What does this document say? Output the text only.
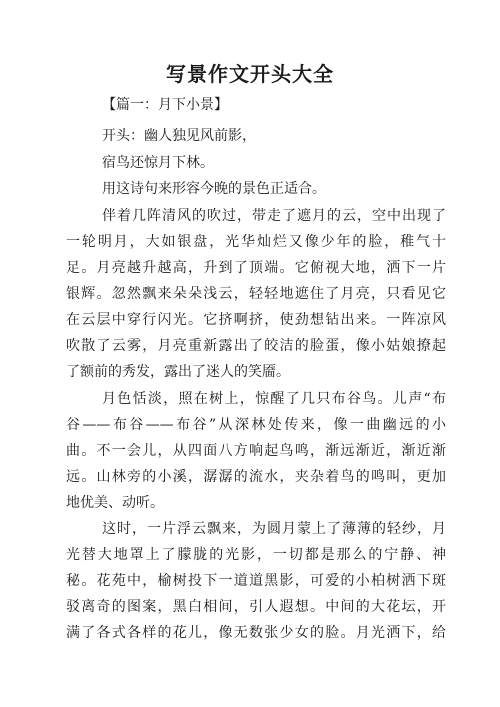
写景作文开头大全
【篇一：月下小景】
开头：幽人独见风前影，
宿鸟还惊月下林。
用这诗句来形容今晚的景色正适合。
伴着几阵清风的吹过，带走了遮月的云，空中出现了
一轮明月，大如银盘，光华灿烂又像少年的脸，稚气十
足。月亮越升越高，升到了顶端。它俯视大地，洒下一片
银辉。忽然飘来朵朵浅云，轻轻地遮住了月亮，只看见它
在云层中穿行闪光。它挤啊挤，使劲想钻出来。一阵凉风
吹散了云雾，月亮重新露出了皎洁的脸蛋，像小姑娘撩起
了额前的秀发，露出了迷人的笑靥。
月色恬淡，照在树上，惊醒了几只布谷鸟。儿声“布
谷——布谷——布谷”从深林处传来，像一曲幽远的小
曲。不一会儿，从四面八方响起鸟鸣，渐远渐近，渐近渐
远。山林旁的小溪，潺潺的流水，夹杂着鸟的鸣叫，更加
地优美、动听。
这时，一片浮云飘来，为圆月蒙上了薄薄的轻纱，月
光替大地罩上了朦胧的光影，一切都是那么的宁静、神
秘。花苑中，榆树投下一道道黑影，可爱的小柏树洒下斑
驳离奇的图案，黑白相间，引人遐想。中间的大花坛，开
满了各式各样的花儿，像无数张少女的脸。月光洒下，给
